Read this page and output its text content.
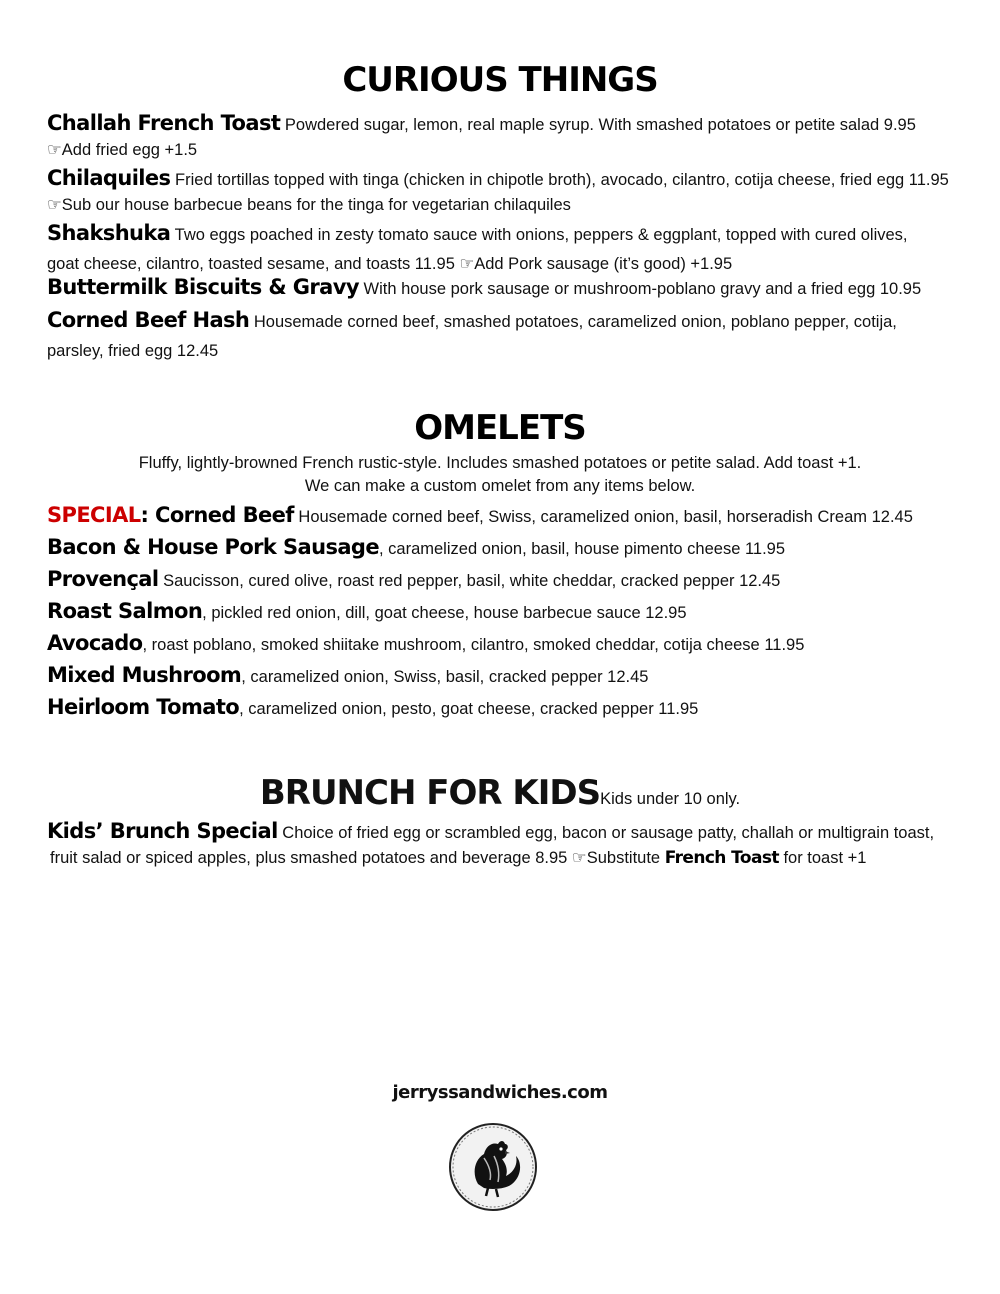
CURIOUS THINGS
Challah French Toast Powdered sugar, lemon, real maple syrup. With smashed potatoes or petite salad 9.95
☞Add fried egg +1.5
Chilaquiles Fried tortillas topped with tinga (chicken in chipotle broth), avocado, cilantro, cotija cheese, fried egg 11.95
☞Sub our house barbecue beans for the tinga for vegetarian chilaquiles
Shakshuka Two eggs poached in zesty tomato sauce with onions, peppers & eggplant, topped with cured olives, goat cheese, cilantro, toasted sesame, and toasts 11.95 ☞Add Pork sausage (it’s good) +1.95
Buttermilk Biscuits & Gravy With house pork sausage or mushroom-poblano gravy and a fried egg 10.95
Corned Beef Hash Housemade corned beef, smashed potatoes, caramelized onion, poblano pepper, cotija, parsley, fried egg 12.45
OMELETS
Fluffy, lightly-browned French rustic-style. Includes smashed potatoes or petite salad. Add toast +1.
We can make a custom omelet from any items below.
SPECIAL: Corned Beef Housemade corned beef, Swiss, caramelized onion, basil, horseradish Cream 12.45
Bacon & House Pork Sausage, caramelized onion, basil, house pimento cheese 11.95
Provençal Saucisson, cured olive, roast red pepper, basil, white cheddar, cracked pepper 12.45
Roast Salmon, pickled red onion, dill, goat cheese, house barbecue sauce 12.95
Avocado, roast poblano, smoked shiitake mushroom, cilantro, smoked cheddar, cotija cheese 11.95
Mixed Mushroom, caramelized onion, Swiss, basil, cracked pepper 12.45
Heirloom Tomato, caramelized onion, pesto, goat cheese, cracked pepper 11.95
BRUNCH FOR KIDSKids under 10 only.
Kids’ Brunch Special Choice of fried egg or scrambled egg, bacon or sausage patty, challah or multigrain toast,
fruit salad or spiced apples, plus smashed potatoes and beverage 8.95 ☞Substitute French Toast for toast +1
jerryssandwiches.com
